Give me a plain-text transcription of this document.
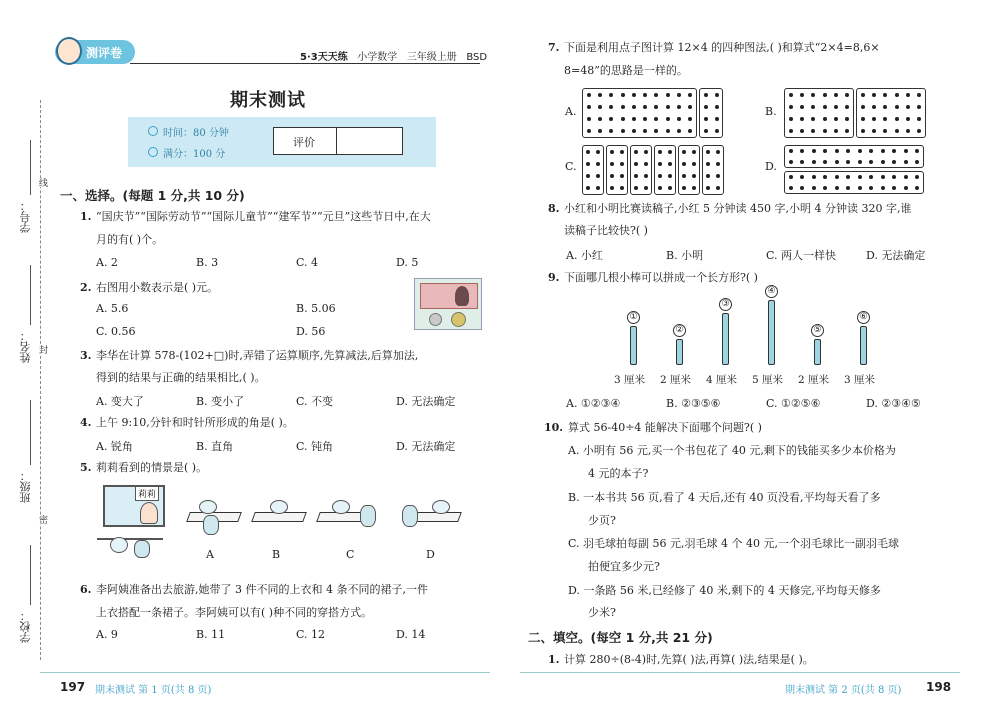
学号：
线
姓名： 封
班级：
密
学校：
测评卷	5·3天天练 小学数学 三年级上册 BSD
期末测试
时间：80 分钟
满分：100 分
评价
一、选择。(每题 1 分,共 10 分)
1. “国庆节”“国际劳动节”“国际儿童节”“建军节”“元旦”这些节日中,在大
月的有( )个。
A. 2	B. 3	C. 4	D. 5
2. 右图用小数表示是( )元。
A. 5.6	B. 5.06
C. 0.56	D. 56
3. 李华在计算 578-(102+□)时,弄错了运算顺序,先算减法,后算加法,
得到的结果与正确的结果相比,( )。
A. 变大了	B. 变小了	C. 不变	D. 无法确定
4. 上午 9:10,分针和时针所形成的角是( )。
A. 锐角	B. 直角	C. 钝角	D. 无法确定
5. 莉莉看到的情景是( )。
莉莉
A	B	C	D
6. 李阿姨准备出去旅游,她带了 3 件不同的上衣和 4 条不同的裙子,一件
上衣搭配一条裙子。李阿姨可以有( )种不同的穿搭方式。
A. 9	B. 11	C. 12	D. 14
197 期末测试 第 1 页(共 8 页)
7. 下面是利用点子图计算 12×4 的四种图法,( )和算式“2×4=8,6×
8=48”的思路是一样的。
A.	B.
C.	D.
8. 小红和小明比赛读稿子,小红 5 分钟读 450 字,小明 4 分钟读 320 字,谁
读稿子比较快?( )
A. 小红	B. 小明	C. 两人一样快	D. 无法确定
9. 下面哪几根小棒可以拼成一个长方形?( )
①
3 厘米
②
2 厘米
③
4 厘米
④
5 厘米
⑤
2 厘米
⑥
3 厘米
A. ①②③④	B. ②③⑤⑥	C. ①②⑤⑥	D. ②③④⑤
10. 算式 56-40÷4 能解决下面哪个问题?( )
A. 小明有 56 元,买一个书包花了 40 元,剩下的钱能买多少本价格为
4 元的本子?
B. 一本书共 56 页,看了 4 天后,还有 40 页没看,平均每天看了多
少页?
C. 羽毛球拍每副 56 元,羽毛球 4 个 40 元,一个羽毛球比一副羽毛球
拍便宜多少元?
D. 一条路 56 米,已经修了 40 米,剩下的 4 天修完,平均每天修多
少米?
二、填空。(每空 1 分,共 21 分)
1. 计算 280÷(8-4)时,先算( )法,再算( )法,结果是( )。
期末测试 第 2 页(共 8 页) 198
